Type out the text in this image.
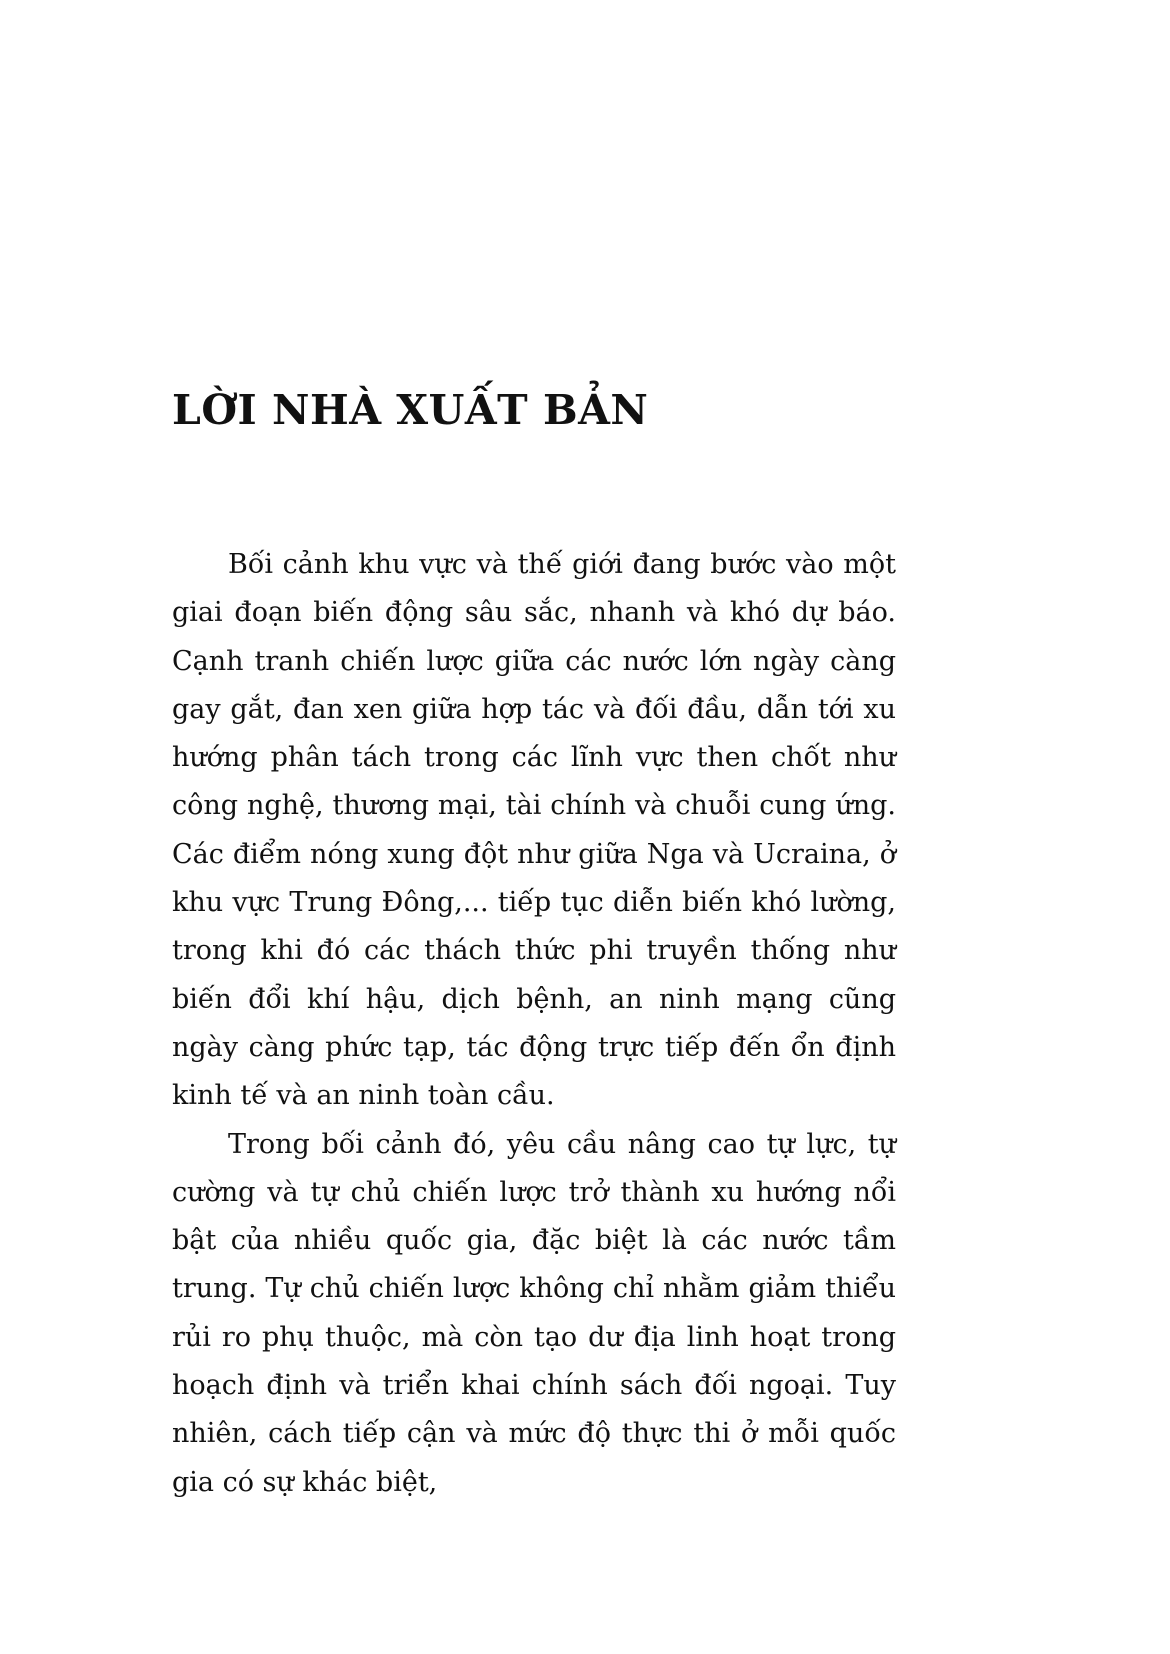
LỜI NHÀ XUẤT BẢN

Bối cảnh khu vực và thế giới đang bước vào một giai đoạn biến động sâu sắc, nhanh và khó dự báo. Cạnh tranh chiến lược giữa các nước lớn ngày càng gay gắt, đan xen giữa hợp tác và đối đầu, dẫn tới xu hướng phân tách trong các lĩnh vực then chốt như công nghệ, thương mại, tài chính và chuỗi cung ứng. Các điểm nóng xung đột như giữa Nga và Ucraina, ở khu vực Trung Đông,... tiếp tục diễn biến khó lường, trong khi đó các thách thức phi truyền thống như biến đổi khí hậu, dịch bệnh, an ninh mạng cũng ngày càng phức tạp, tác động trực tiếp đến ổn định kinh tế và an ninh toàn cầu.

Trong bối cảnh đó, yêu cầu nâng cao tự lực, tự cường và tự chủ chiến lược trở thành xu hướng nổi bật của nhiều quốc gia, đặc biệt là các nước tầm trung. Tự chủ chiến lược không chỉ nhằm giảm thiểu rủi ro phụ thuộc, mà còn tạo dư địa linh hoạt trong hoạch định và triển khai chính sách đối ngoại. Tuy nhiên, cách tiếp cận và mức độ thực thi ở mỗi quốc gia có sự khác biệt,
